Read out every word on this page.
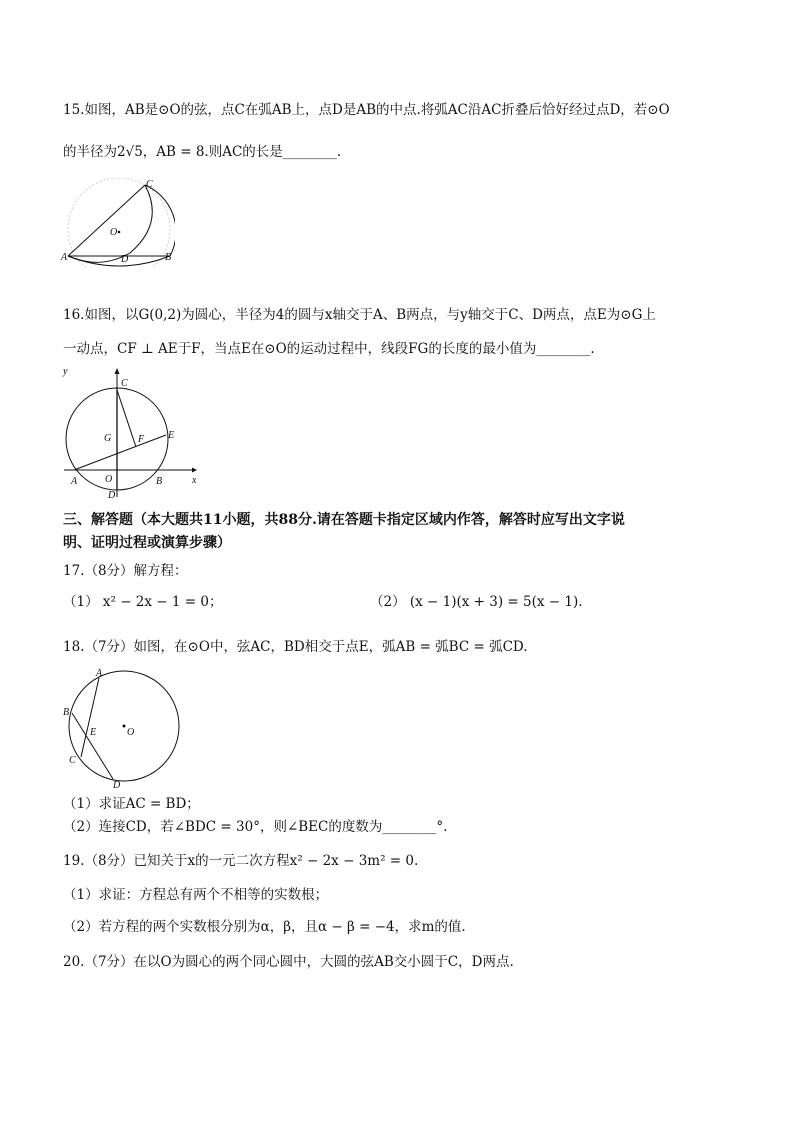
15.如图，AB是⊙O的弦，点C在弧AB上，点D是AB的中点.将弧AC沿AC折叠后恰好经过点D，若⊙O
的半径为2√5，AB = 8.则AC的长是________.
C
O
A	D	B
16.如图，以G(0,2)为圆心，半径为4的圆与x轴交于A、B两点，与y轴交于C、D两点，点E为⊙G上
一动点，CF ⊥ AE于F，当点E在⊙O的运动过程中，线段FG的长度的最小值为________.
y
x
C
G	F E
A	O	B
D
三、解答题（本大题共11小题，共88分.请在答题卡指定区域内作答，解答时应写出文字说
明、证明过程或演算步骤）
17.（8分）解方程：
（1） x² − 2x − 1 = 0；	（2） (x − 1)(x + 3) = 5(x − 1).
18.（7分）如图，在⊙O中，弦AC，BD相交于点E，弧AB = 弧BC = 弧CD.
A
B
E	O
C
D
（1）求证AC = BD；
（2）连接CD，若∠BDC = 30°，则∠BEC的度数为________°.
19.（8分）已知关于x的一元二次方程x² − 2x − 3m² = 0.
（1）求证：方程总有两个不相等的实数根；
（2）若方程的两个实数根分别为α，β，且α − β = −4，求m的值.
20.（7分）在以O为圆心的两个同心圆中，大圆的弦AB交小圆于C，D两点.
